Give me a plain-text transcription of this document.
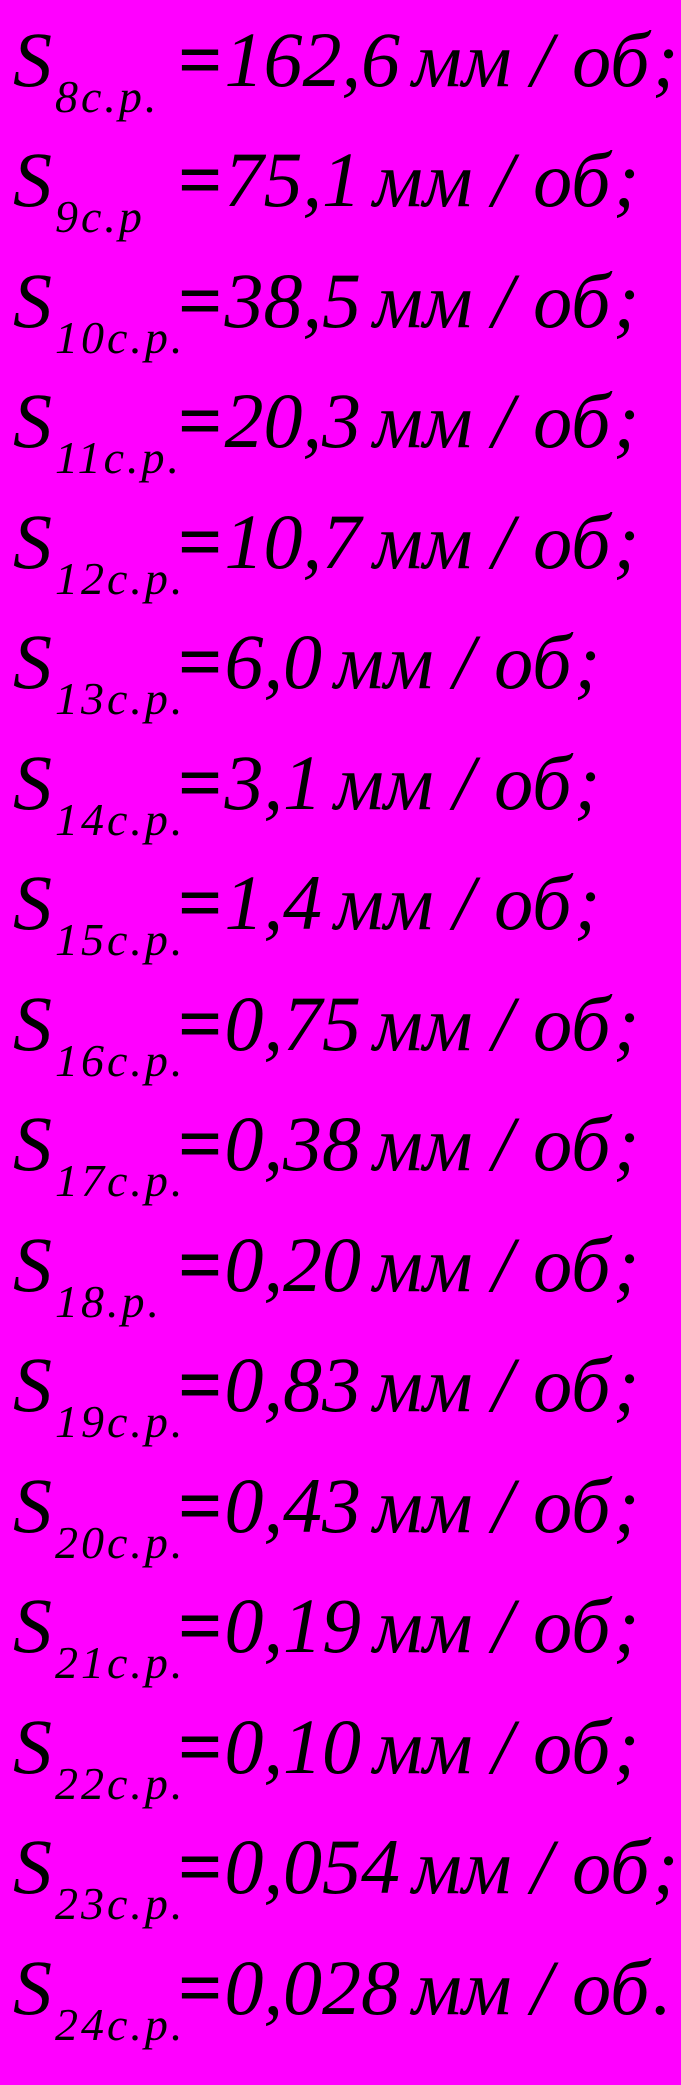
S8с.р. =162,6 мм / об;
S9с.р =75,1 мм / об;
S10с.р.=38,5 мм / об;
S11с.р.=20,3 мм / об;
S12с.р.=10,7 мм / об;
S13с.р.=6,0 мм / об;
S14с.р.=3,1 мм / об;
S15с.р.=1,4 мм / об;
S16с.р.=0,75 мм / об;
S17с.р.=0,38 мм / об;
S18.р. =0,20 мм / об;
S19с.р.=0,83 мм / об;
S20с.р.=0,43 мм / об;
S21с.р.=0,19 мм / об;
S22с.р.=0,10 мм / об;
S23с.р.=0,054 мм / об;
S24с.р.=0,028 мм / об.
